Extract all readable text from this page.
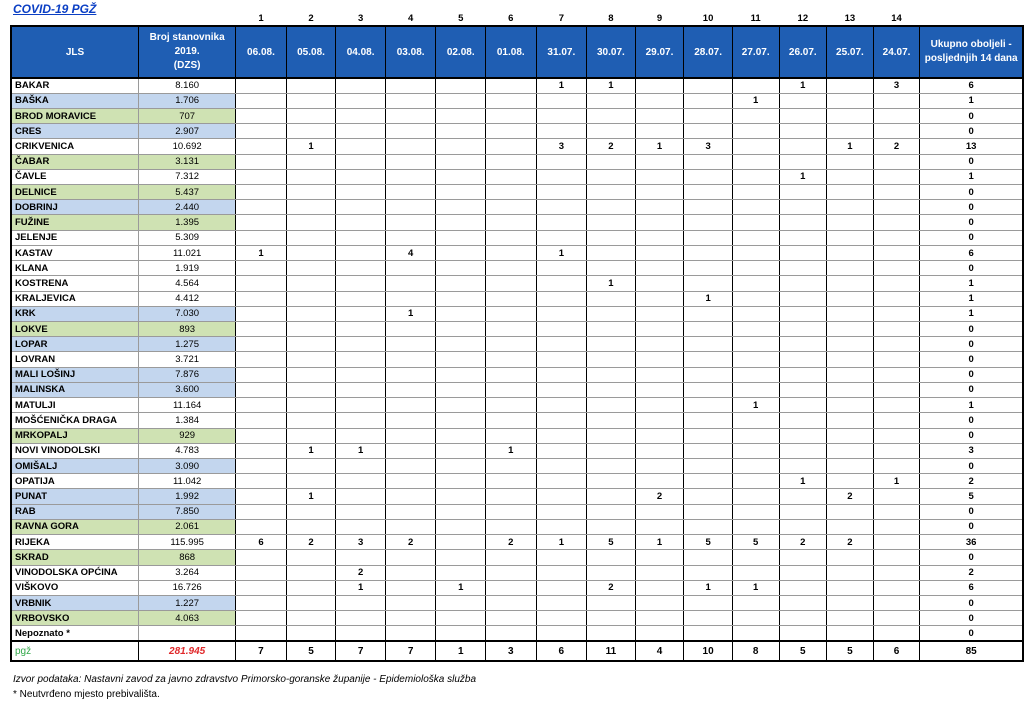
COVID-19 PGŽ
		1	2	3	4	5	6	7	8	9	10	11	12	13	14	
JLS	Broj stanovnika
2019.
(DZS)	06.08.	05.08.	04.08.	03.08.	02.08.	01.08.	31.07.	30.07.	29.07.	28.07.	27.07.	26.07.	25.07.	24.07.	Ukupno oboljeli -
posljednjih 14 dana
BAKAR	8.160							1	1				1		3	6
BAŠKA	1.706											1				1
BROD MORAVICE	707															0
CRES	2.907															0
CRIKVENICA	10.692		1					3	2	1	3			1	2	13
ČABAR	3.131															0
ČAVLE	7.312												1			1
DELNICE	5.437															0
DOBRINJ	2.440															0
FUŽINE	1.395															0
JELENJE	5.309															0
KASTAV	11.021	1			4			1								6
KLANA	1.919															0
KOSTRENA	4.564								1							1
KRALJEVICA	4.412										1					1
KRK	7.030				1											1
LOKVE	893															0
LOPAR	1.275															0
LOVRAN	3.721															0
MALI LOŠINJ	7.876															0
MALINSKA	3.600															0
MATULJI	11.164											1				1
MOŠĆENIČKA DRAGA	1.384															0
MRKOPALJ	929															0
NOVI VINODOLSKI	4.783		1	1			1									3
OMIŠALJ	3.090															0
OPATIJA	11.042												1		1	2
PUNAT	1.992		1							2				2		5
RAB	7.850															0
RAVNA GORA	2.061															0
RIJEKA	115.995	6	2	3	2		2	1	5	1	5	5	2	2		36
SKRAD	868															0
VINODOLSKA OPĆINA	3.264			2												2
VIŠKOVO	16.726			1		1			2		1	1				6
VRBNIK	1.227															0
VRBOVSKO	4.063															0
Nepoznato *																0
pgž	281.945	7	5	7	7	1	3	6	11	4	10	8	5	5	6	85
Izvor podataka: Nastavni zavod za javno zdravstvo Primorsko-goranske županije - Epidemiološka služba
* Neutvrđeno mjesto prebivališta.
